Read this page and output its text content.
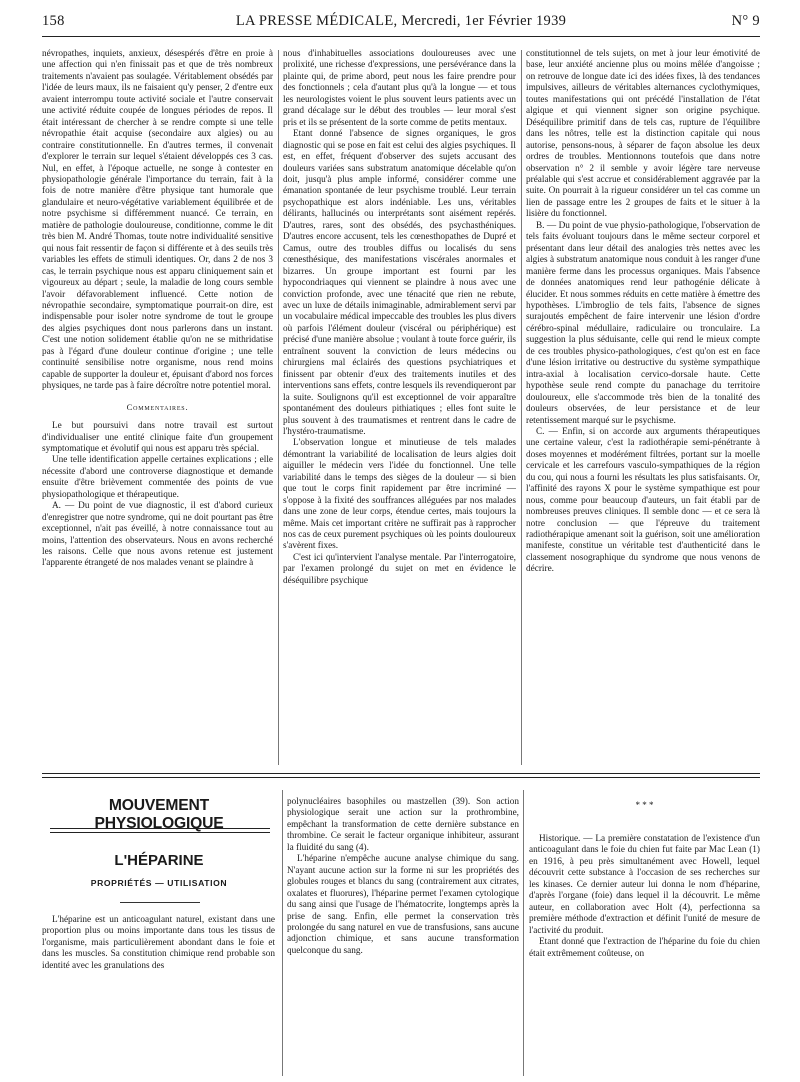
158	LA PRESSE MÉDICALE, Mercredi, 1er Février 1939	N° 9

névropathes, inquiets, anxieux, désespérés d'être en proie à une affection qui n'en finissait pas et que de très nombreux traitements n'avaient pas soulagée. Véritablement obsédés par l'idée de leurs maux, ils ne faisaient qu'y penser, 2 d'entre eux avaient interrompu toute activité sociale et l'autre conservait une activité réduite coupée de longues périodes de repos. Il était intéressant de chercher à se rendre compte si une telle névropathie était acquise (secondaire aux algies) ou au contraire constitutionnelle. En d'autres termes, il convenait d'explorer le terrain sur lequel s'étaient développés ces 3 cas. Nul, en effet, à l'époque actuelle, ne songe à contester en physiopathologie générale l'importance du terrain, fait à la fois de notre manière d'être physique tant humorale que glandulaire et neuro-végétative variablement équilibrée et de notre psychisme si différemment nuancé. Ce terrain, en matière de pathologie douloureuse, conditionne, comme le dit très bien M. André Thomas, toute notre individualité sensitive qui nous fait ressentir de façon si différente et à des seuils très variables les effets de stimuli identiques. Or, dans 2 de nos 3 cas, le terrain psychique nous est apparu cliniquement sain et vigoureux au départ ; seule, la maladie de long cours semble l'avoir défavorablement influencé. Cette notion de névropathie secondaire, symptomatique pourrait-on dire, est indispensable pour isoler notre syndrome de tout le groupe des algies psychiques dont nous parlerons dans un instant. C'est une notion solidement établie qu'on ne se mithridatise pas à l'égard d'une douleur continue d'origine ; une telle continuité sensibilise notre organisme, nous rend moins capable de supporter la douleur et, épuisant d'abord nos forces physiques, ne tarde pas à faire décroître notre potentiel moral.

Commentaires.

Le but poursuivi dans notre travail est surtout d'individualiser une entité clinique faite d'un groupement symptomatique et évolutif qui nous est apparu très spécial.

Une telle identification appelle certaines explications ; elle nécessite d'abord une controverse diagnostique et demande ensuite d'être brièvement commentée des points de vue physiopathologique et thérapeutique.

A. — Du point de vue diagnostic, il est d'abord curieux d'enregistrer que notre syndrome, qui ne doit pourtant pas être exceptionnel, n'ait pas éveillé, à notre connaissance tout au moins, l'attention des observateurs. Nous en avons recherché les raisons. Celle que nous avons retenue est justement l'apparente étrangeté de nos malades venant se plaindre à

nous d'inhabituelles associations douloureuses avec une prolixité, une richesse d'expressions, une persévérance dans la plainte qui, de prime abord, peut nous les faire prendre pour des fonctionnels ; cela d'autant plus qu'à la longue — et tous les neurologistes voient le plus souvent leurs patients avec un grand décalage sur le début des troubles — leur moral s'est pris et ils se présentent de la sorte comme de petits mentaux.

Etant donné l'absence de signes organiques, le gros diagnostic qui se pose en fait est celui des algies psychiques. Il est, en effet, fréquent d'observer des sujets accusant des douleurs variées sans substratum anatomique décelable qu'on doit, jusqu'à plus ample informé, considérer comme une émanation spontanée de leur psychisme troublé. Leur terrain psychopathique est alors indéniable. Les uns, véritables délirants, hallucinés ou interprétants sont aisément repérés. D'autres, rares, sont des obsédés, des psychasthéniques. D'autres encore accusent, tels les cœnesthopathes de Dupré et Camus, outre des troubles diffus ou localisés du sens cœnesthésique, des manifestations viscérales anormales et bizarres. Un groupe important est fourni par les hypocondriaques qui viennent se plaindre à nous avec une conviction profonde, avec une ténacité que rien ne rebute, avec un luxe de détails inimaginable, admirablement servi par un vocabulaire médical impeccable des troubles les plus divers où parfois l'élément douleur (viscéral ou périphérique) est précisé d'une manière absolue ; voulant à toute force guérir, ils entraînent souvent la conviction de leurs médecins ou chirurgiens mal éclairés des questions psychiatriques et finissent par obtenir d'eux des traitements inutiles et des interventions sans effets, contre lesquels ils revendiqueront par la suite. Soulignons qu'il est exceptionnel de voir apparaître spontanément des douleurs pithiatiques ; elles font suite le plus souvent à des traumatismes et rentrent dans le cadre de l'hystéro-traumatisme.

L'observation longue et minutieuse de tels malades démontrant la variabilité de localisation de leurs algies doit aiguiller le médecin vers l'idée du fonctionnel. Une telle variabilité dans le temps des sièges de la douleur — si bien que tout le corps finit rapidement par être incriminé — s'oppose à la fixité des souffrances alléguées par nos malades dans une zone de leur corps, étendue certes, mais toujours la même. Mais cet important critère ne suffirait pas à rapprocher nos cas de ceux purement psychiques où les points douloureux s'avèrent fixes.

C'est ici qu'intervient l'analyse mentale. Par l'interrogatoire, par l'examen prolongé du sujet on met en évidence le déséquilibre psychique

constitutionnel de tels sujets, on met à jour leur émotivité de base, leur anxiété ancienne plus ou moins mêlée d'angoisse ; on retrouve de longue date ici des idées fixes, là des tendances impulsives, ailleurs de véritables alternances cyclothymiques, toutes manifestations qui ont précédé l'installation de l'état algique et qui viennent signer son origine psychique. Déséquilibre primitif dans de tels cas, rupture de l'équilibre dans les nôtres, telle est la distinction capitale qui nous autorise, pensons-nous, à séparer de façon absolue les deux ordres de troubles. Mentionnons toutefois que dans notre observation n° 2 il semble y avoir légère tare nerveuse préalable qui s'est accrue et considérablement aggravée par la suite. On pourrait à la rigueur considérer un tel cas comme un lien de passage entre les 2 groupes de faits et le situer à la lisière du fonctionnel.

B. — Du point de vue physio-pathologique, l'observation de tels faits évoluant toujours dans le même secteur corporel et présentant dans leur détail des analogies très nettes avec les algies à substratum anatomique nous conduit à les ranger d'une manière ferme dans les processus organiques. Mais l'absence de données anatomiques rend leur pathogénie délicate à élucider. Et nous sommes réduits en cette matière à émettre des hypothèses. L'imbroglio de tels faits, l'absence de signes surajoutés empêchent de faire intervenir une lésion d'ordre cérébro-spinal médullaire, radiculaire ou tronculaire. La suggestion la plus séduisante, celle qui rend le mieux compte de ces troubles physico-pathologiques, c'est qu'on est en face d'une lésion irritative ou destructive du système sympathique intra-axial à localisation cervico-dorsale haute. Cette hypothèse seule rend compte du panachage du territoire douloureux, elle s'accommode très bien de la tonalité des douleurs observées, de leur persistance et de leur retentissement marqué sur le psychisme.

C. — Enfin, si on accorde aux arguments thérapeutiques une certaine valeur, c'est la radiothérapie semi-pénétrante à doses moyennes et modérément filtrées, portant sur la moelle cervicale et les carrefours vasculo-sympathiques de la région du cou, qui nous a fourni les résultats les plus satisfaisants. Or, l'affinité des rayons X pour le système sympathique est pour nous, comme pour beaucoup d'auteurs, un fait établi par de nombreuses preuves cliniques. Il semble donc — et ce sera là notre conclusion — que l'épreuve du traitement radiothérapique amenant soit la guérison, soit une amélioration manifeste, constitue un véritable test d'authenticité dans le classement nosographique du syndrome que nous venons de décrire.

MOUVEMENT PHYSIOLOGIQUE
L'HÉPARINE
PROPRIÉTÉS — UTILISATION

L'héparine est un anticoagulant naturel, existant dans une proportion plus ou moins importante dans tous les tissus de l'organisme, mais particulièrement abondant dans le foie et dans les muscles. Sa constitution chimique rend probable son identité avec les granulations des

polynucléaires basophiles ou mastzellen (39). Son action physiologique serait une action sur la prothrombine, empêchant la transformation de cette dernière substance en thrombine. Ce serait le facteur organique inhibiteur, assurant la fluidité du sang (4).

L'héparine n'empêche aucune analyse chimique du sang. N'ayant aucune action sur la forme ni sur les propriétés des globules rouges et blancs du sang (contrairement aux citrates, oxalates et fluorures), l'héparine permet l'examen cytologique du sang ainsi que l'usage de l'hématocrite, longtemps après la prise de sang. Enfin, elle permet la conservation très prolongée du sang naturel en vue de transfusions, sans aucune adjonction chimique, et sans aucune transformation quelconque du sang.

* * *

Historique. — La première constatation de l'existence d'un anticoagulant dans le foie du chien fut faite par Mac Lean (1) en 1916, à peu près simultanément avec Howell, lequel découvrit cette substance à l'occasion de ses recherches sur les kinases. Ce dernier auteur lui donna le nom d'héparine, d'après l'organe (foie) dans lequel il la découvrit. Le même auteur, en collaboration avec Holt (4), perfectionna sa première méthode d'extraction et définit l'unité de mesure de l'activité du produit.

Etant donné que l'extraction de l'héparine du foie du chien était extrêmement coûteuse, on
